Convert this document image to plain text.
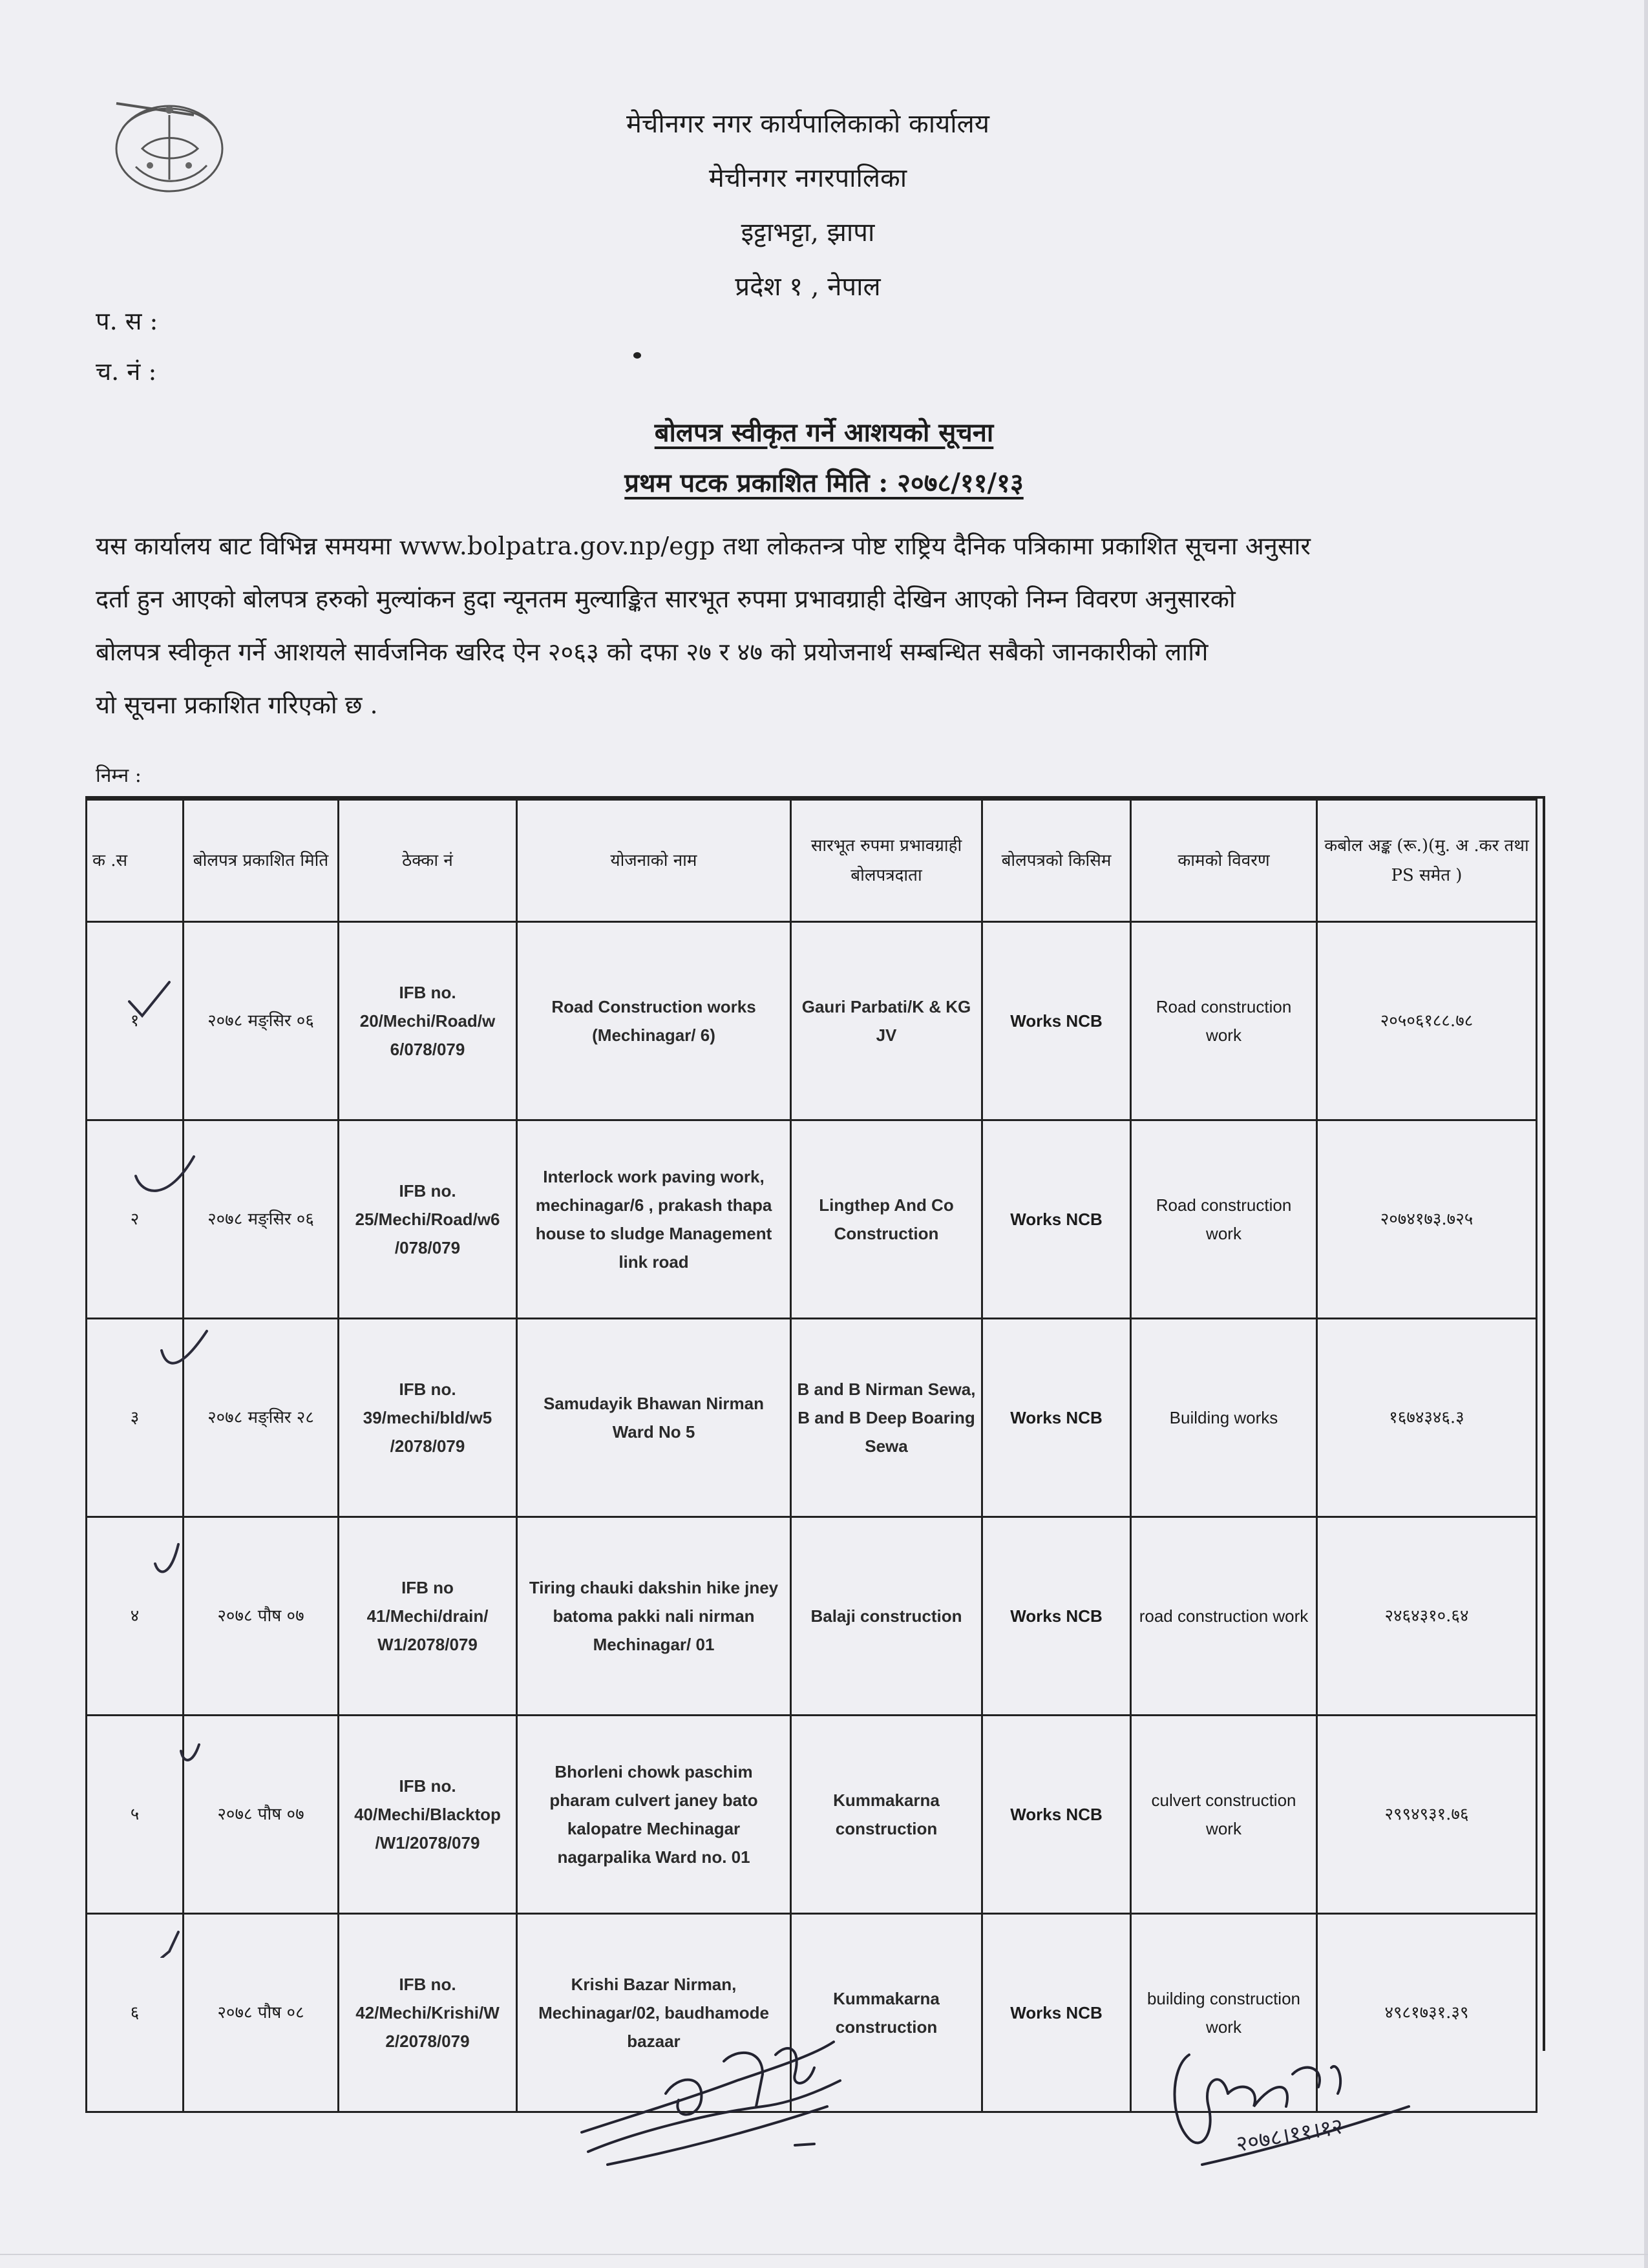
मेचीनगर नगर कार्यपालिकाको कार्यालय
मेचीनगर नगरपालिका
इट्टाभट्टा, झापा
प्रदेश १ , नेपाल
प. स :
च. नं :
बोलपत्र स्वीकृत गर्ने आशयको सूचना
प्रथम पटक प्रकाशित मिति : २०७८/११/१३
यस कार्यालय बाट विभिन्न समयमा www.bolpatra.gov.np/egp तथा लोकतन्त्र पोष्ट राष्ट्रिय दैनिक पत्रिकामा प्रकाशित सूचना अनुसार
दर्ता हुन आएको बोलपत्र हरुको मुल्यांकन हुदा न्यूनतम मुल्याङ्कित सारभूत रुपमा प्रभावग्राही देखिन आएको निम्न विवरण अनुसारको
बोलपत्र स्वीकृत गर्ने आशयले सार्वजनिक खरिद ऐन २०६३ को दफा २७ र ४७ को प्रयोजनार्थ सम्बन्धित सबैको जानकारीको लागि
यो सूचना प्रकाशित गरिएको छ .
निम्न :
क .स	बोलपत्र प्रकाशित मिति	ठेक्का नं	योजनाको नाम	सारभूत रुपमा प्रभावग्राही बोलपत्रदाता	बोलपत्रको किसिम	कामको विवरण	कबोल अङ्क (रू.)(मु. अ .कर तथा PS समेत )
१	२०७८ मङ्सिर ०६	IFB no. 20/Mechi/Road/w 6/078/079	Road Construction works (Mechinagar/ 6)	Gauri Parbati/K & KG JV	Works NCB	Road construction work	२०५०६१८८.७८
२	२०७८ मङ्सिर ०६	IFB no. 25/Mechi/Road/w6 /078/079	Interlock work paving work, mechinagar/6 , prakash thapa house to sludge Management link road	Lingthep And Co Construction	Works NCB	Road construction work	२०७४१७३.७२५
३	२०७८ मङ्सिर २८	IFB no. 39/mechi/bld/w5 /2078/079	Samudayik Bhawan Nirman Ward No 5	B and B Nirman Sewa, B and B Deep Boaring Sewa	Works NCB	Building works	१६७४३४६.३
४	२०७८ पौष ०७	IFB no 41/Mechi/drain/ W1/2078/079	Tiring chauki dakshin hike jney batoma pakki nali nirman Mechinagar/ 01	Balaji construction	Works NCB	road construction work	२४६४३१०.६४
५	२०७८ पौष ०७	IFB no. 40/Mechi/Blacktop /W1/2078/079	Bhorleni chowk paschim pharam culvert janey bato kalopatre Mechinagar nagarpalika Ward no. 01	Kummakarna construction	Works NCB	culvert construction work	२९९४९३१.७६
६	२०७८ पौष ०८	IFB no. 42/Mechi/Krishi/W 2/2078/079	Krishi Bazar Nirman, Mechinagar/02, baudhamode bazaar	Kummakarna construction	Works NCB	building construction work	४९८१७३१.३९
२०७८।११।१२
